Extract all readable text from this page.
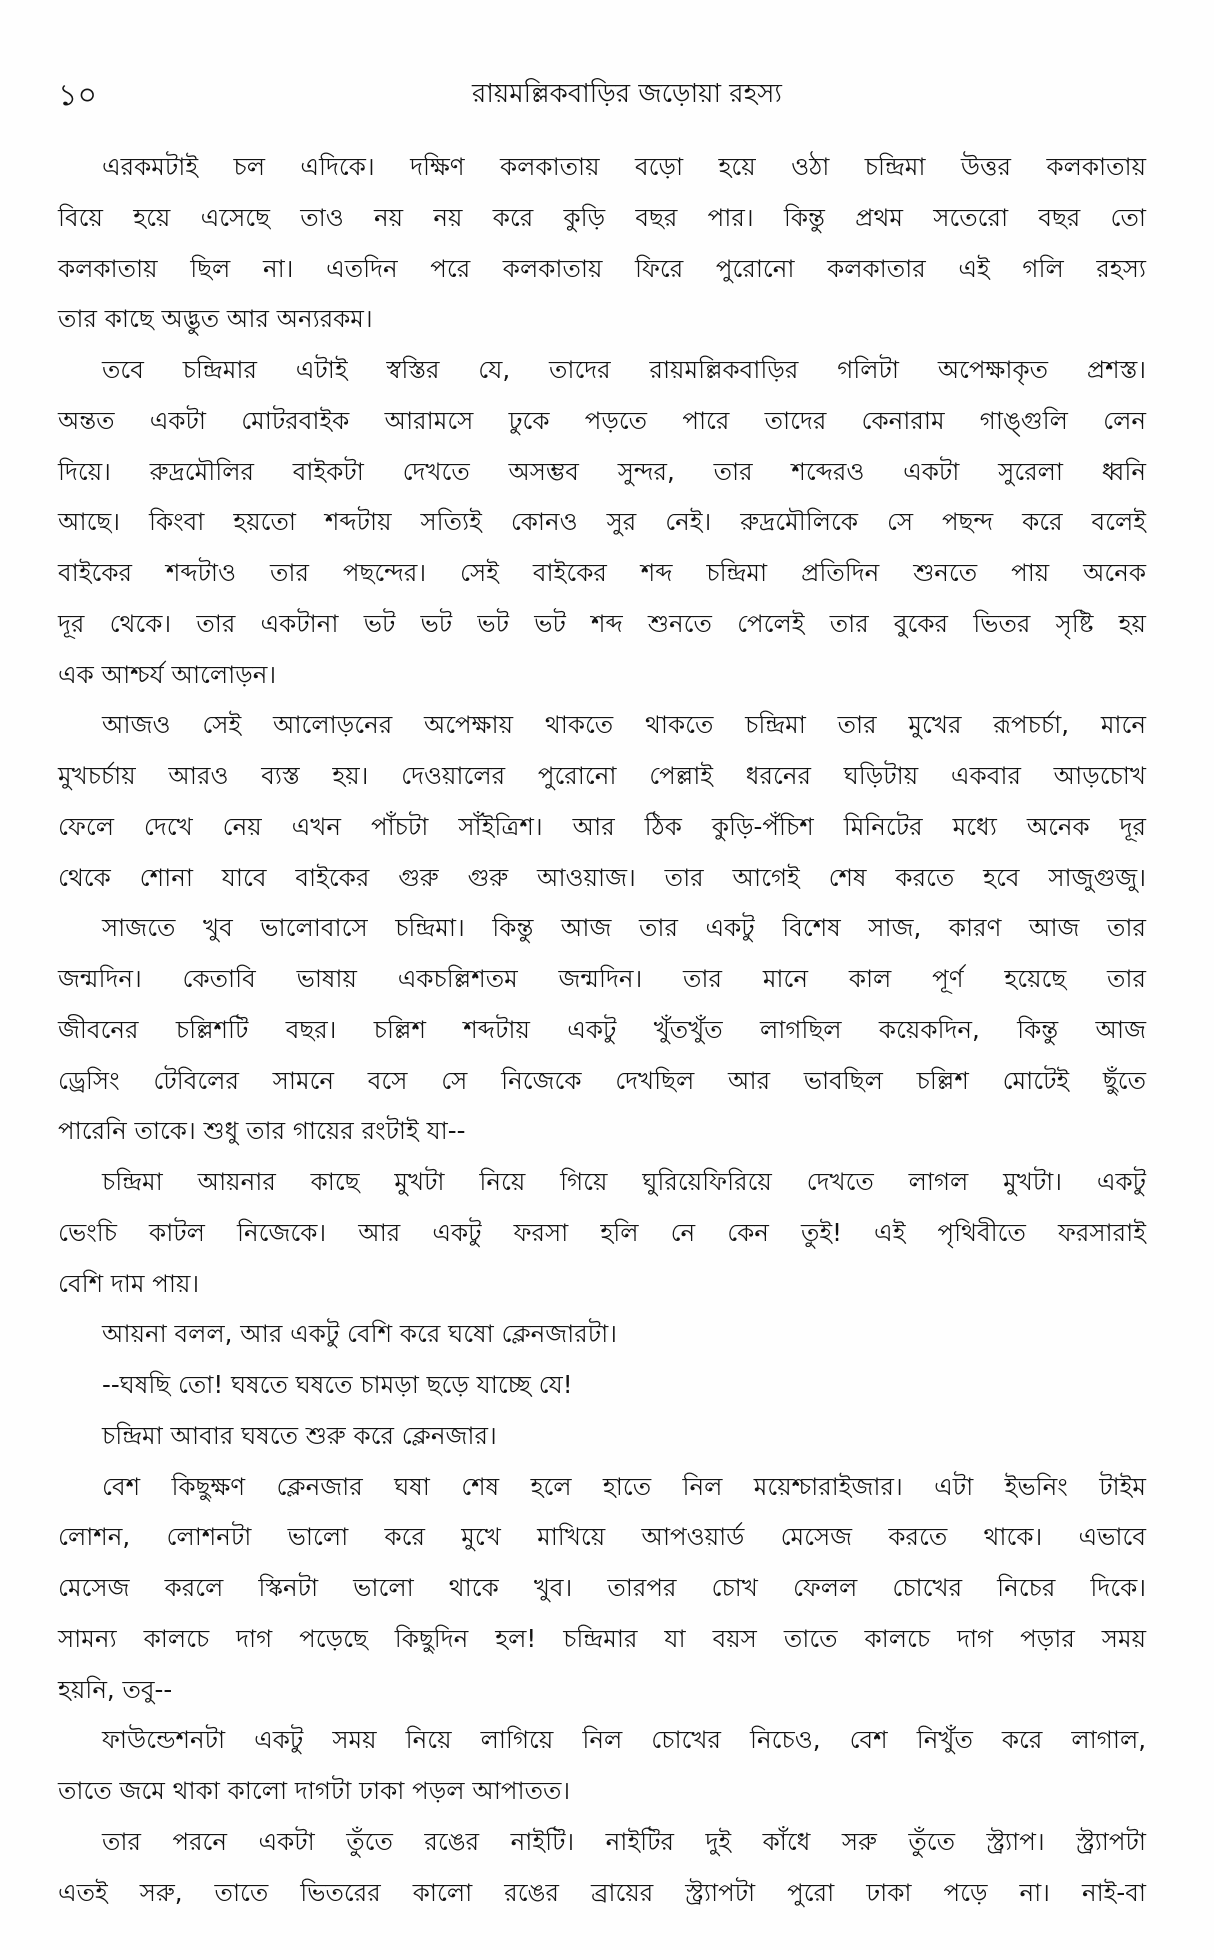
১০	রায়মল্লিকবাড়ির জড়োয়া রহস্য
এরকমটাই চল এদিকে। দক্ষিণ কলকাতায় বড়ো হয়ে ওঠা চন্দ্রিমা উত্তর কলকাতায়
বিয়ে হয়ে এসেছে তাও নয় নয় করে কুড়ি বছর পার। কিন্তু প্রথম সতেরো বছর তো
কলকাতায় ছিল না। এতদিন পরে কলকাতায় ফিরে পুরোনো কলকাতার এই গলি রহস্য
তার কাছে অদ্ভুত আর অন্যরকম।
তবে চন্দ্রিমার এটাই স্বস্তির যে, তাদের রায়মল্লিকবাড়ির গলিটা অপেক্ষাকৃত প্রশস্ত।
অন্তত একটা মোটরবাইক আরামসে ঢুকে পড়তে পারে তাদের কেনারাম গাঙ্গুলি লেন
দিয়ে। রুদ্রমৌলির বাইকটা দেখতে অসম্ভব সুন্দর, তার শব্দেরও একটা সুরেলা ধ্বনি
আছে। কিংবা হয়তো শব্দটায় সত্যিই কোনও সুর নেই। রুদ্রমৌলিকে সে পছন্দ করে বলেই
বাইকের শব্দটাও তার পছন্দের। সেই বাইকের শব্দ চন্দ্রিমা প্রতিদিন শুনতে পায় অনেক
দূর থেকে। তার একটানা ভট ভট ভট ভট শব্দ শুনতে পেলেই তার বুকের ভিতর সৃষ্টি হয়
এক আশ্চর্য আলোড়ন।
আজও সেই আলোড়নের অপেক্ষায় থাকতে থাকতে চন্দ্রিমা তার মুখের রূপচর্চা, মানে
মুখচর্চায় আরও ব্যস্ত হয়। দেওয়ালের পুরোনো পেল্লাই ধরনের ঘড়িটায় একবার আড়চোখ
ফেলে দেখে নেয় এখন পাঁচটা সাঁইত্রিশ। আর ঠিক কুড়ি-পঁচিশ মিনিটের মধ্যে অনেক দূর
থেকে শোনা যাবে বাইকের গুরু গুরু আওয়াজ। তার আগেই শেষ করতে হবে সাজুগুজু।
সাজতে খুব ভালোবাসে চন্দ্রিমা। কিন্তু আজ তার একটু বিশেষ সাজ, কারণ আজ তার
জন্মদিন। কেতাবি ভাষায় একচল্লিশতম জন্মদিন। তার মানে কাল পূর্ণ হয়েছে তার
জীবনের চল্লিশটি বছর। চল্লিশ শব্দটায় একটু খুঁতখুঁত লাগছিল কয়েকদিন, কিন্তু আজ
ড্রেসিং টেবিলের সামনে বসে সে নিজেকে দেখছিল আর ভাবছিল চল্লিশ মোটেই ছুঁতে
পারেনি তাকে। শুধু তার গায়ের রংটাই যা--
চন্দ্রিমা আয়নার কাছে মুখটা নিয়ে গিয়ে ঘুরিয়েফিরিয়ে দেখতে লাগল মুখটা। একটু
ভেংচি কাটল নিজেকে। আর একটু ফরসা হলি নে কেন তুই! এই পৃথিবীতে ফরসারাই
বেশি দাম পায়।
আয়না বলল, আর একটু বেশি করে ঘষো ক্লেনজারটা।
--ঘষছি তো! ঘষতে ঘষতে চামড়া ছড়ে যাচ্ছে যে!
চন্দ্রিমা আবার ঘষতে শুরু করে ক্লেনজার।
বেশ কিছুক্ষণ ক্লেনজার ঘষা শেষ হলে হাতে নিল ময়েশ্চারাইজার। এটা ইভনিং টাইম
লোশন, লোশনটা ভালো করে মুখে মাখিয়ে আপওয়ার্ড মেসেজ করতে থাকে। এভাবে
মেসেজ করলে স্কিনটা ভালো থাকে খুব। তারপর চোখ ফেলল চোখের নিচের দিকে।
সামন্য কালচে দাগ পড়েছে কিছুদিন হল! চন্দ্রিমার যা বয়স তাতে কালচে দাগ পড়ার সময়
হয়নি, তবু--
ফাউন্ডেশনটা একটু সময় নিয়ে লাগিয়ে নিল চোখের নিচেও, বেশ নিখুঁত করে লাগাল,
তাতে জমে থাকা কালো দাগটা ঢাকা পড়ল আপাতত।
তার পরনে একটা তুঁতে রঙের নাইটি। নাইটির দুই কাঁধে সরু তুঁতে স্ট্র্যাপ। স্ট্র্যাপটা
এতই সরু, তাতে ভিতরের কালো রঙের ব্রায়ের স্ট্র্যাপটা পুরো ঢাকা পড়ে না। নাই-বা
